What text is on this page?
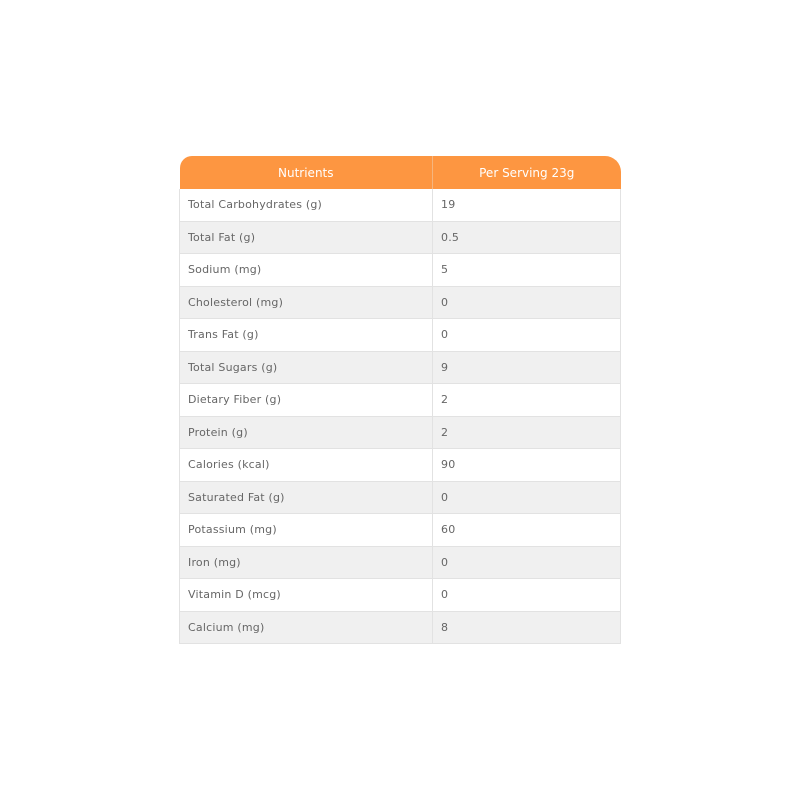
Nutrients	Per Serving 23g
Total Carbohydrates (g)	19
Total Fat (g)	0.5
Sodium (mg)	5
Cholesterol (mg)	0
Trans Fat (g)	0
Total Sugars (g)	9
Dietary Fiber (g)	2
Protein (g)	2
Calories (kcal)	90
Saturated Fat (g)	0
Potassium (mg)	60
Iron (mg)	0
Vitamin D (mcg)	0
Calcium (mg)	8
